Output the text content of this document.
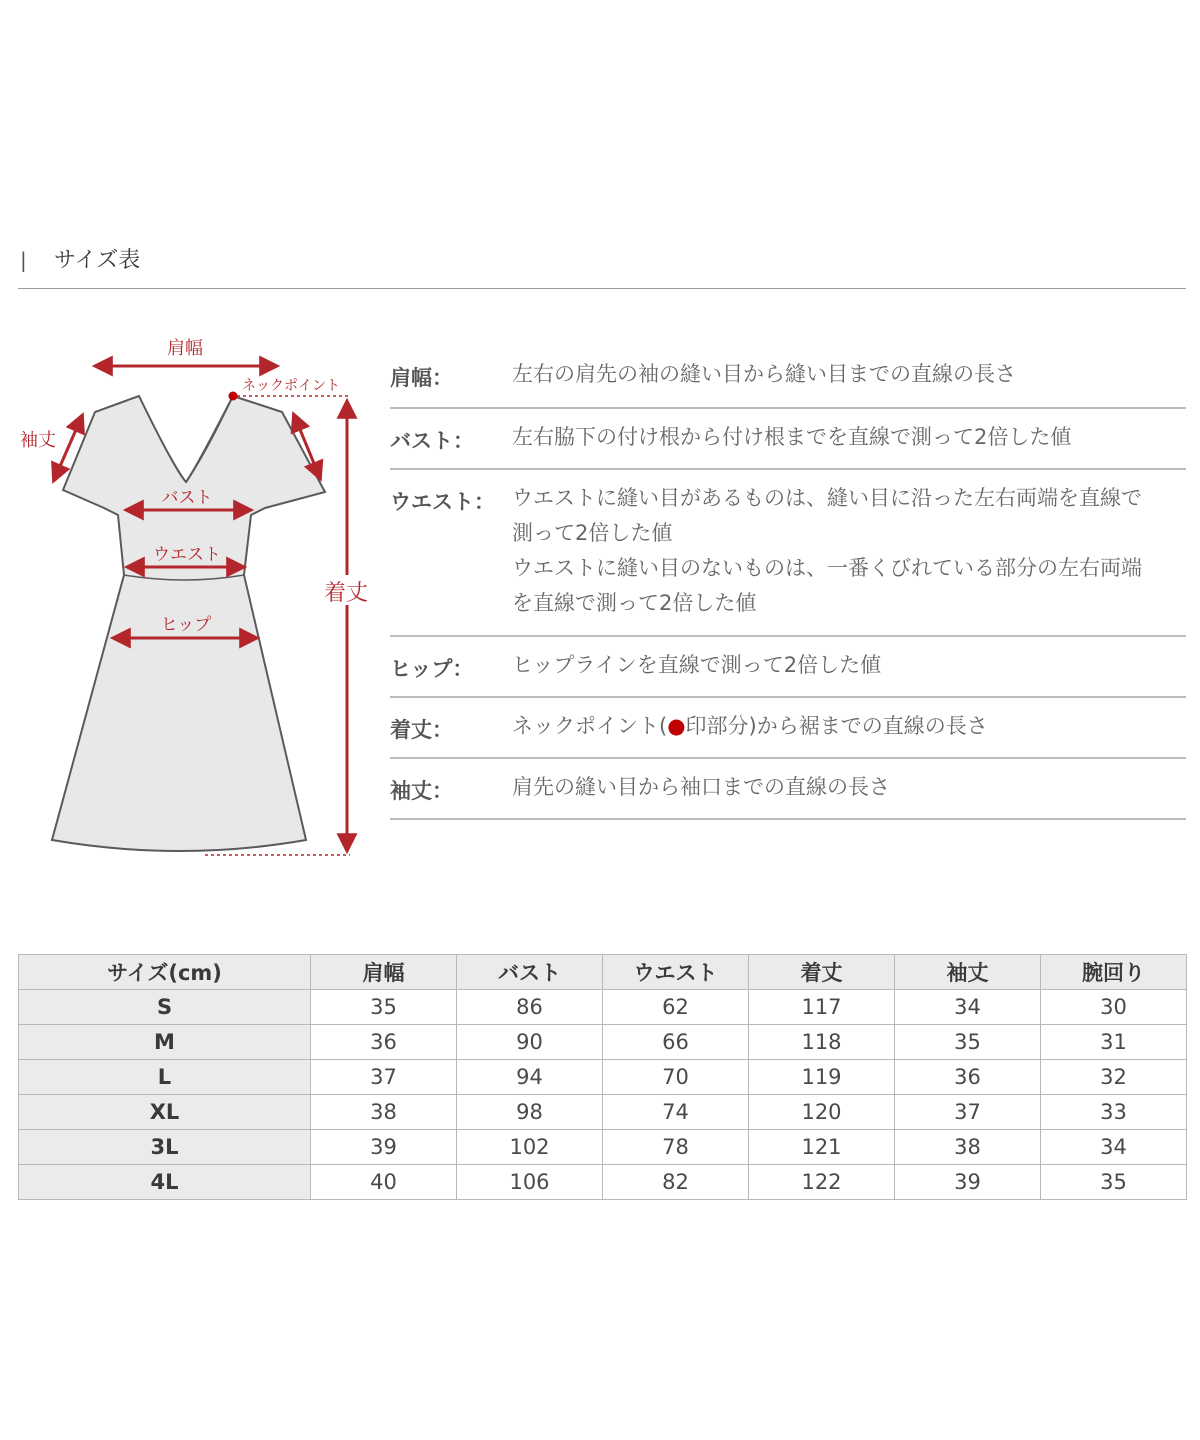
| サイズ表
肩幅
ネックポイント
袖丈
バスト
ウエスト
ヒップ
着丈
肩幅：	左右の肩先の袖の縫い目から縫い目までの直線の長さ
バスト： 左右脇下の付け根から付け根までを直線で測って2倍した値
ウエスト： ウエストに縫い目があるものは、縫い目に沿った左右両端を直線で
測って2倍した値
ウエストに縫い目のないものは、一番くびれている部分の左右両端
を直線で測って2倍した値
ヒップ： ヒップラインを直線で測って2倍した値
着丈：	ネックポイント(●印部分)から裾までの直線の長さ
袖丈：	肩先の縫い目から袖口までの直線の長さ
サイズ(cm)	肩幅	バスト	ウエスト	着丈	袖丈	腕回り
S	35	86	62	117	34	30
M	36	90	66	118	35	31
L	37	94	70	119	36	32
XL	38	98	74	120	37	33
3L	39	102	78	121	38	34
4L	40	106	82	122	39	35
